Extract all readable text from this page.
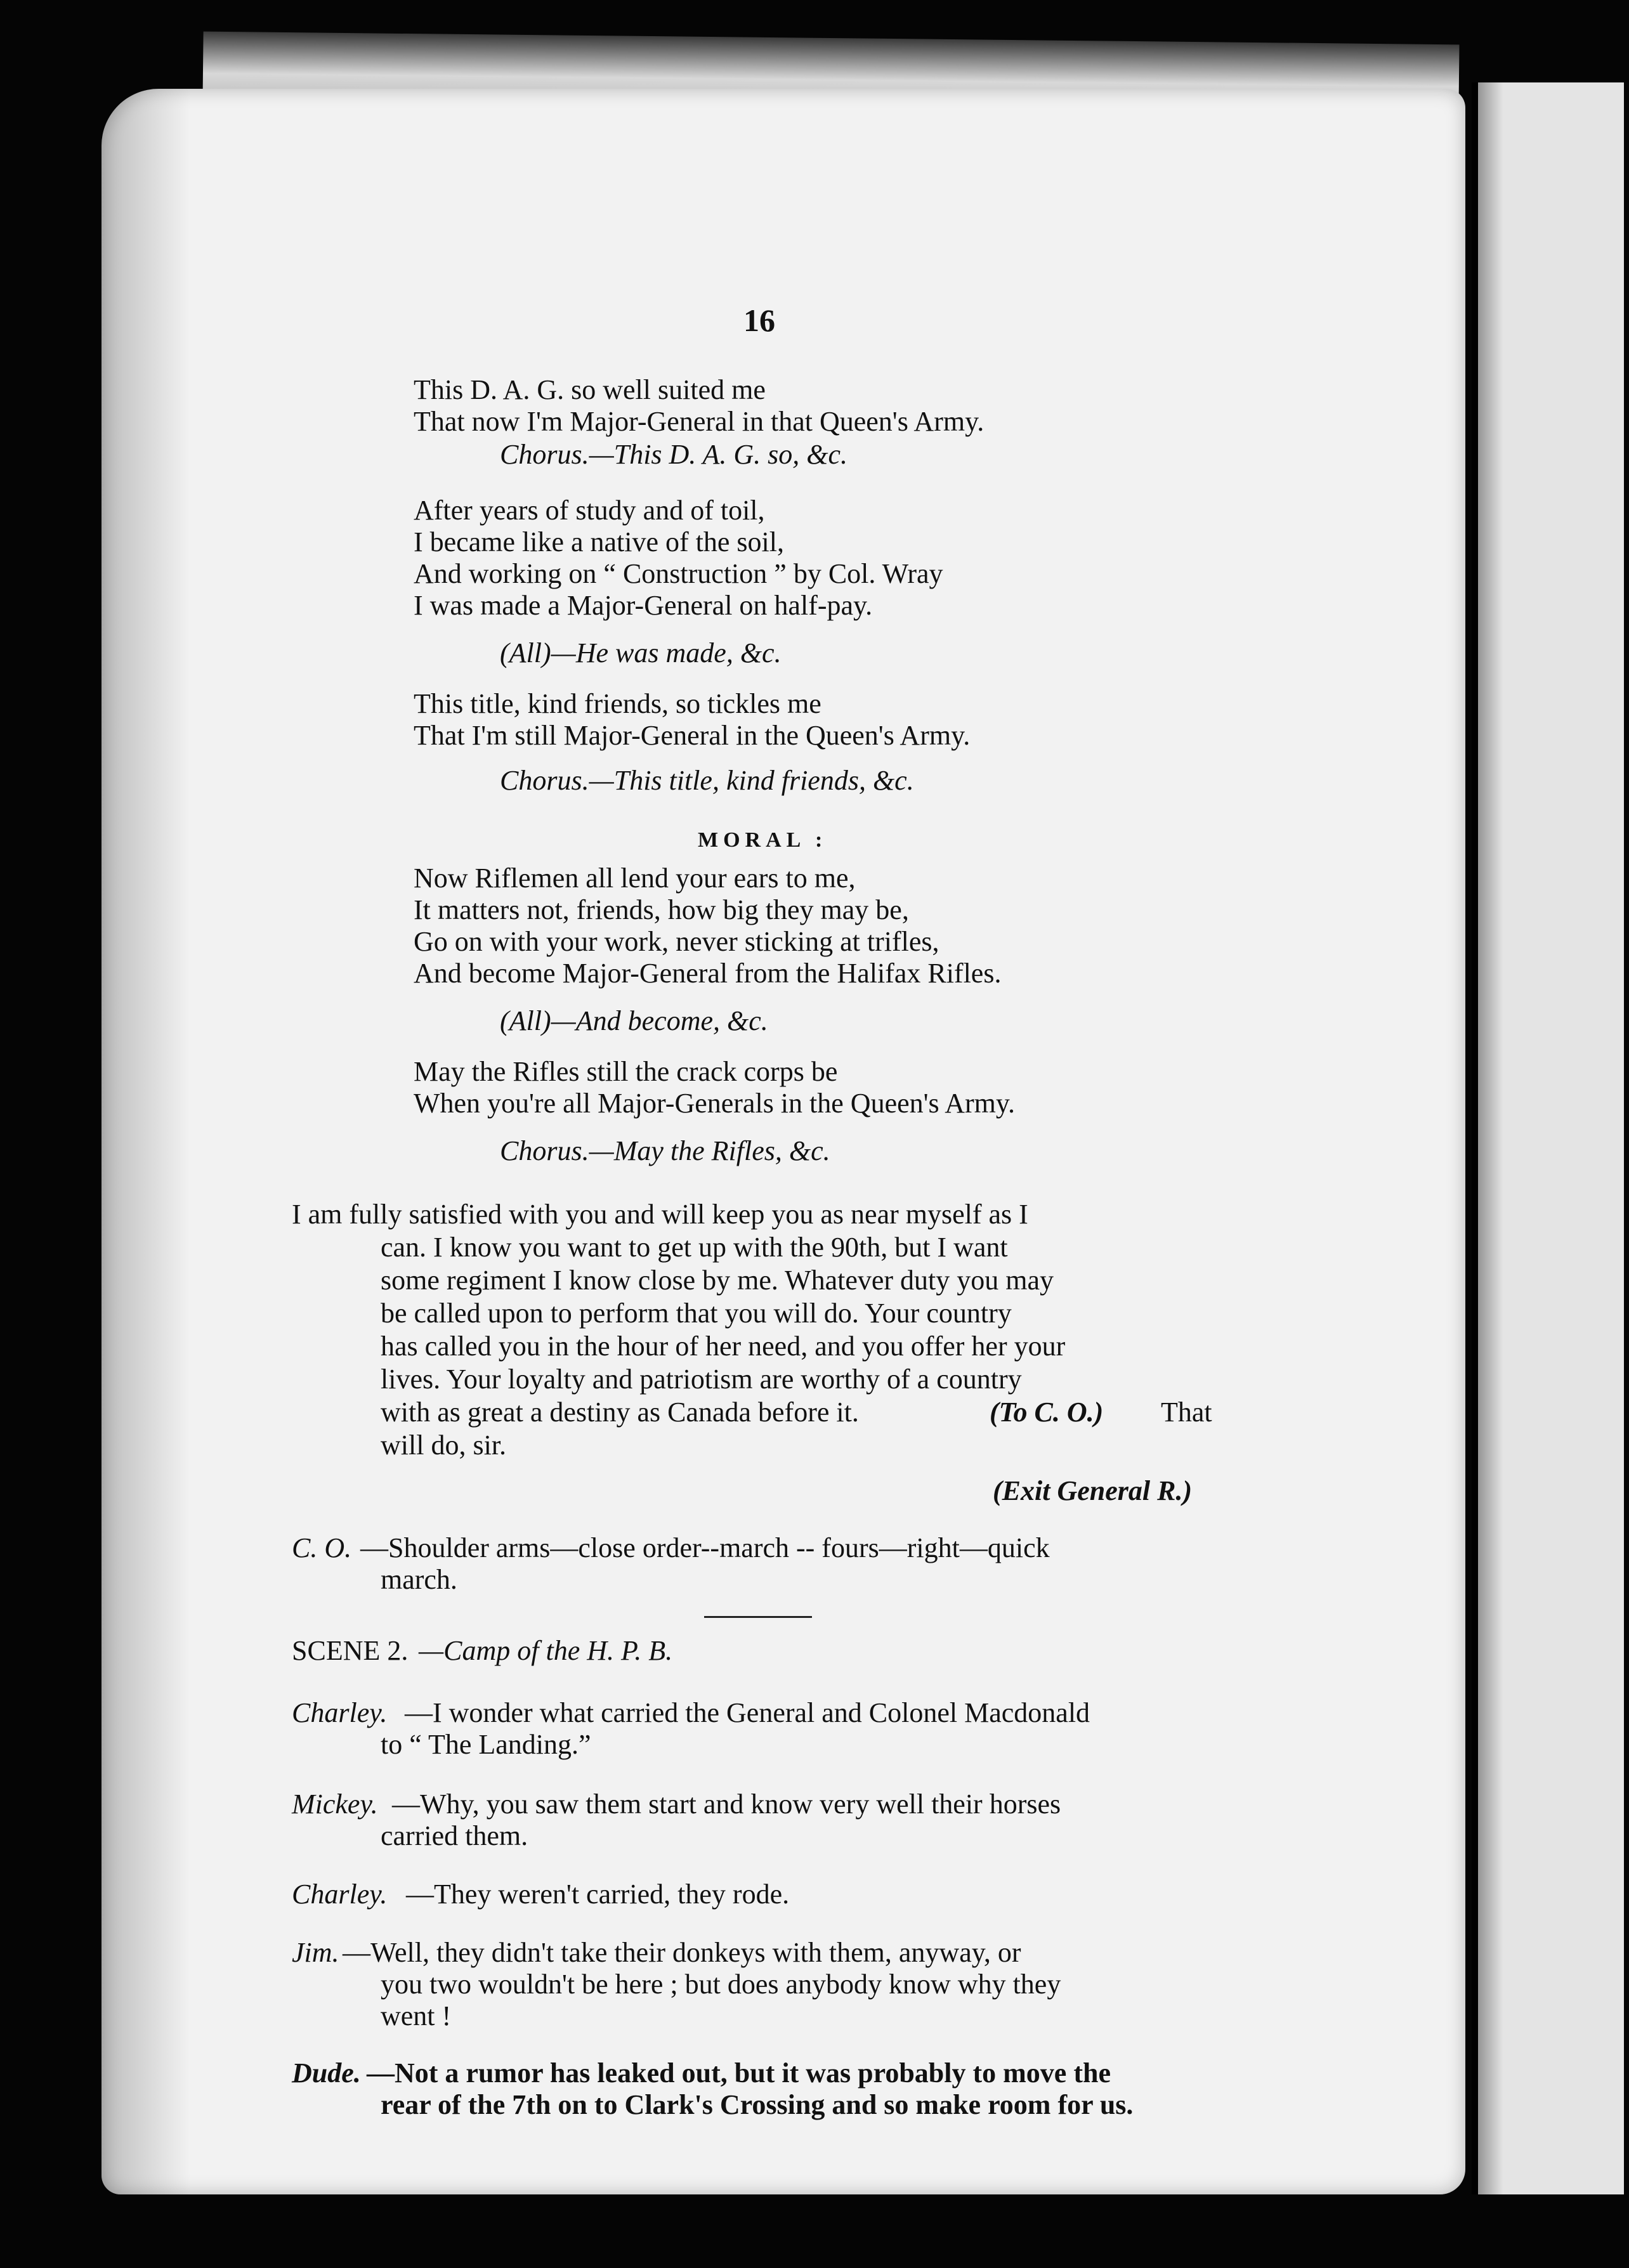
16
This D. A. G. so well suited me
That now I'm Major-General in that Queen's Army.
Chorus.—This D. A. G. so, &c.
After years of study and of toil,
I became like a native of the soil,
And working on “ Construction ” by Col. Wray
I was made a Major-General on half-pay.
(All)—He was made, &c.
This title, kind friends, so tickles me
That I'm still Major-General in the Queen's Army.
Chorus.—This title, kind friends, &c.
MORAL :
Now Riflemen all lend your ears to me,
It matters not, friends, how big they may be,
Go on with your work, never sticking at trifles,
And become Major-General from the Halifax Rifles.
(All)—And become, &c.
May the Rifles still the crack corps be
When you're all Major-Generals in the Queen's Army.
Chorus.—May the Rifles, &c.
I am fully satisfied with you and will keep you as near myself as I
can. I know you want to get up with the 90th, but I want
some regiment I know close by me. Whatever duty you may
be called upon to perform that you will do. Your country
has called you in the hour of her need, and you offer her your
lives. Your loyalty and patriotism are worthy of a country
with as great a destiny as Canada before it.	(To C. O.) That
will do, sir.
(Exit General R.)
C. O. —Shoulder arms—close order--march -- fours—right—quick
march.
SCENE 2. —Camp of the H. P. B.
Charley. —I wonder what carried the General and Colonel Macdonald
to “ The Landing.”
Mickey. —Why, you saw them start and know very well their horses
carried them.
Charley. —They weren't carried, they rode.
Jim. —Well, they didn't take their donkeys with them, anyway, or
you two wouldn't be here ; but does anybody know why they
went !
Dude. —Not a rumor has leaked out, but it was probably to move the
rear of the 7th on to Clark's Crossing and so make room for us.
